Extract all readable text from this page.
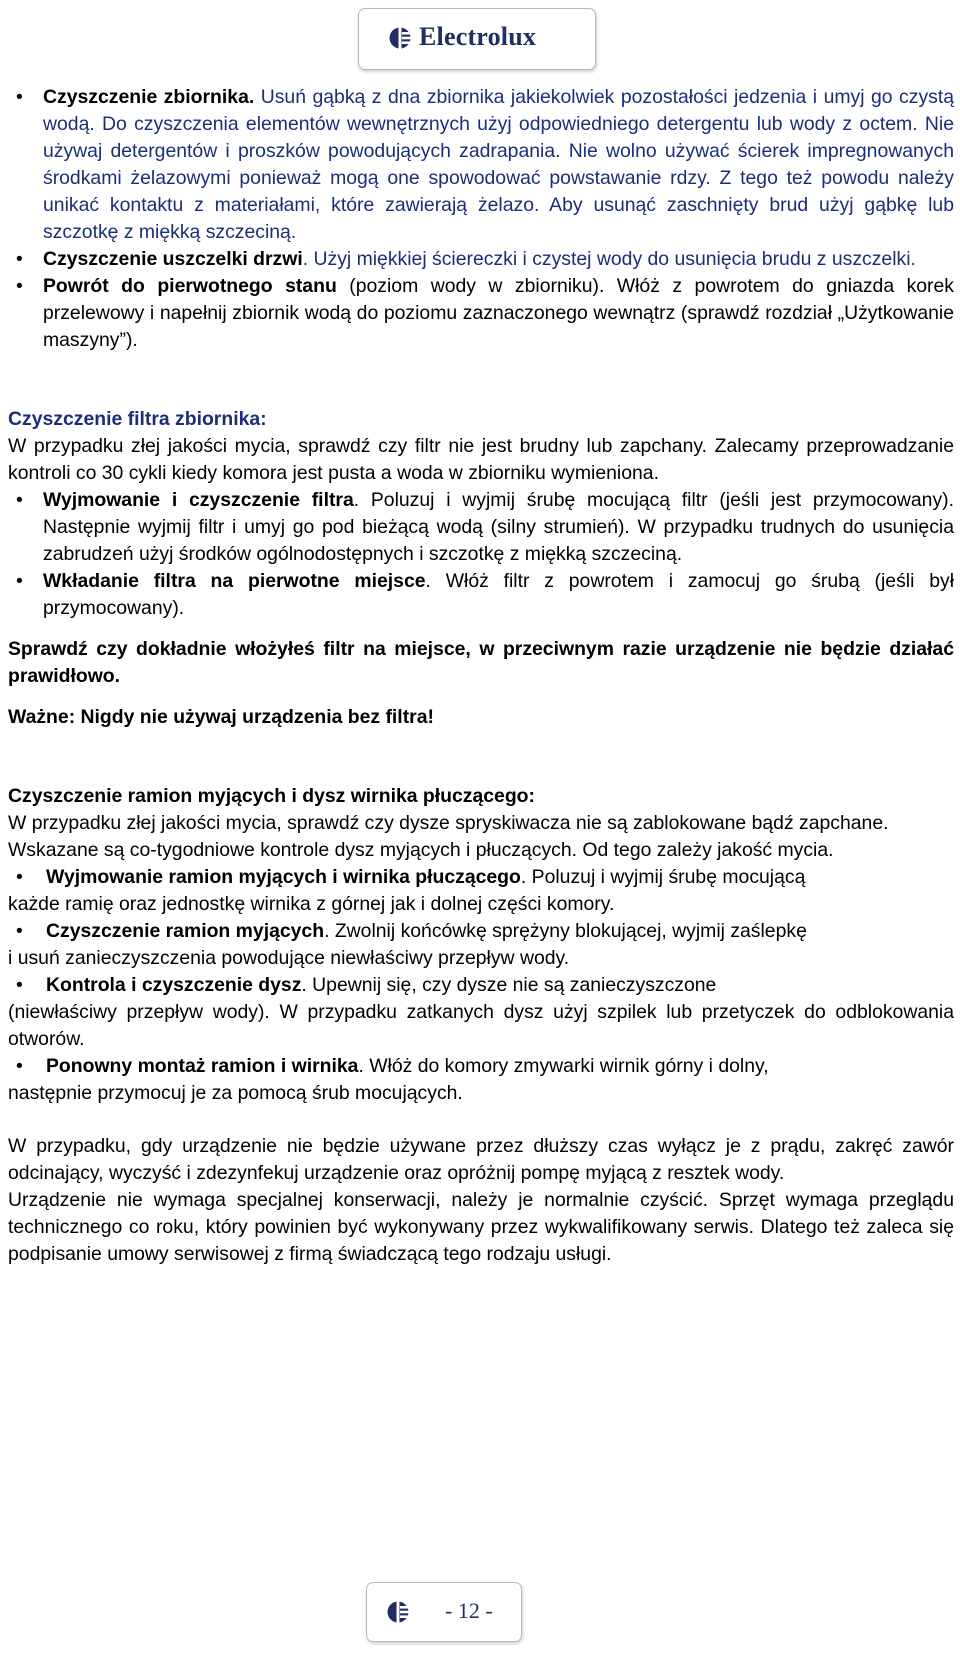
Electrolux

• Czyszczenie zbiornika. Usuń gąbką z dna zbiornika jakiekolwiek pozostałości jedzenia i umyj go czystą wodą. Do czyszczenia elementów wewnętrznych użyj odpowiedniego detergentu lub wody z octem. Nie używaj detergentów i proszków powodujących zadrapania. Nie wolno używać ścierek impregnowanych środkami żelazowymi ponieważ mogą one spowodować powstawanie rdzy. Z tego też powodu należy unikać kontaktu z materiałami, które zawierają żelazo. Aby usunąć zaschnięty brud użyj gąbkę lub szczotkę z miękką szczeciną.

• Czyszczenie uszczelki drzwi. Użyj miękkiej ściereczki i czystej wody do usunięcia brudu z uszczelki.

• Powrót do pierwotnego stanu (poziom wody w zbiorniku). Włóż z powrotem do gniazda korek przelewowy i napełnij zbiornik wodą do poziomu zaznaczonego wewnątrz (sprawdź rozdział „Użytkowanie maszyny”).

Czyszczenie filtra zbiornika:

W przypadku złej jakości mycia, sprawdź czy filtr nie jest brudny lub zapchany. Zalecamy przeprowadzanie kontroli co 30 cykli kiedy komora jest pusta a woda w zbiorniku wymieniona.

• Wyjmowanie i czyszczenie filtra. Poluzuj i wyjmij śrubę mocującą filtr (jeśli jest przymocowany). Następnie wyjmij filtr i umyj go pod bieżącą wodą (silny strumień). W przypadku trudnych do usunięcia zabrudzeń użyj środków ogólnodostępnych i szczotkę z miękką szczeciną.

• Wkładanie filtra na pierwotne miejsce. Włóż filtr z powrotem i zamocuj go śrubą (jeśli był przymocowany).

Sprawdź czy dokładnie włożyłeś filtr na miejsce, w przeciwnym razie urządzenie nie będzie działać prawidłowo.

Ważne: Nigdy nie używaj urządzenia bez filtra!

Czyszczenie ramion myjących i dysz wirnika płuczącego:

W przypadku złej jakości mycia, sprawdź czy dysze spryskiwacza nie są zablokowane bądź zapchane.

Wskazane są co-tygodniowe kontrole dysz myjących i płuczących. Od tego zależy jakość mycia.

• Wyjmowanie ramion myjących i wirnika płuczącego. Poluzuj i wyjmij śrubę mocującą

każde ramię oraz jednostkę wirnika z górnej jak i dolnej części komory.

• Czyszczenie ramion myjących. Zwolnij końcówkę sprężyny blokującej, wyjmij zaślepkę

i usuń zanieczyszczenia powodujące niewłaściwy przepływ wody.

• Kontrola i czyszczenie dysz. Upewnij się, czy dysze nie są zanieczyszczone

(niewłaściwy przepływ wody). W przypadku zatkanych dysz użyj szpilek lub przetyczek do odblokowania otworów.

• Ponowny montaż ramion i wirnika. Włóż do komory zmywarki wirnik górny i dolny,

następnie przymocuj je za pomocą śrub mocujących.

W przypadku, gdy urządzenie nie będzie używane przez dłuższy czas wyłącz je z prądu, zakręć zawór odcinający, wyczyść i zdezynfekuj urządzenie oraz opróżnij pompę myjącą z resztek wody.

Urządzenie nie wymaga specjalnej konserwacji, należy je normalnie czyścić. Sprzęt wymaga przeglądu technicznego co roku, który powinien być wykonywany przez wykwalifikowany serwis. Dlatego też zaleca się podpisanie umowy serwisowej z firmą świadczącą tego rodzaju usługi.

- 12 -
